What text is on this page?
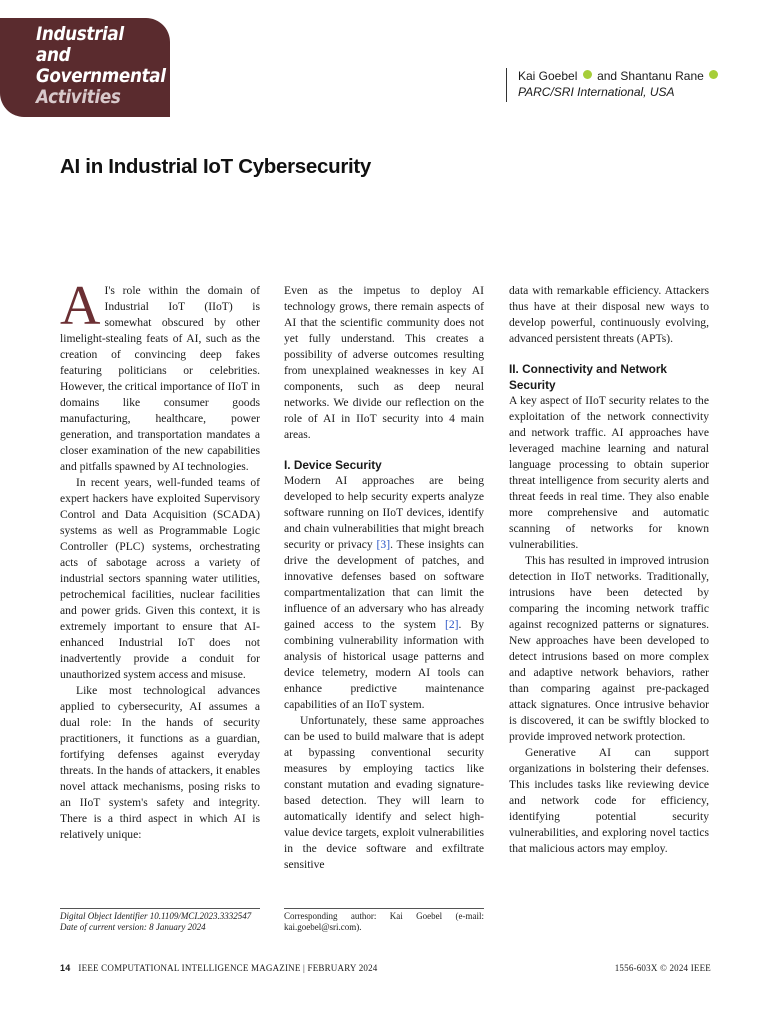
Industrial and
Governmental
Activities
Kai Goebel and Shantanu Rane
PARC/SRI International, USA
AI in Industrial IoT Cybersecurity

A I's role within the domain of Industrial IoT (IIoT) is somewhat obscured by other limelight-stealing feats of AI, such as the creation of convincing deep fakes featuring politicians or celebrities. However, the critical importance of IIoT in domains like consumer goods manufacturing, healthcare, power generation, and transportation mandates a closer examination of the new capabilities and pitfalls spawned by AI technologies.

In recent years, well-funded teams of expert hackers have exploited Supervisory Control and Data Acquisition (SCADA) systems as well as Programmable Logic Controller (PLC) systems, orchestrating acts of sabotage across a variety of industrial sectors spanning water utilities, petrochemical facilities, nuclear facilities and power grids. Given this context, it is extremely important to ensure that AI-enhanced Industrial IoT does not inadvertently provide a conduit for unauthorized system access and misuse.

Like most technological advances applied to cybersecurity, AI assumes a dual role: In the hands of security practitioners, it functions as a guardian, fortifying defenses against everyday threats. In the hands of attackers, it enables novel attack mechanisms, posing risks to an IIoT system's safety and integrity. There is a third aspect in which AI is relatively unique:

Even as the impetus to deploy AI technology grows, there remain aspects of AI that the scientific community does not yet fully understand. This creates a possibility of adverse outcomes resulting from unexplained weaknesses in key AI components, such as deep neural networks. We divide our reflection on the role of AI in IIoT security into 4 main areas.

I. Device Security

Modern AI approaches are being developed to help security experts analyze software running on IIoT devices, identify and chain vulnerabilities that might breach security or privacy [3]. These insights can drive the development of patches, and innovative defenses based on software compartmentalization that can limit the influence of an adversary who has already gained access to the system [2]. By combining vulnerability information with analysis of historical usage patterns and device telemetry, modern AI tools can enhance predictive maintenance capabilities of an IIoT system.

Unfortunately, these same approaches can be used to build malware that is adept at bypassing conventional security measures by employing tactics like constant mutation and evading signature-based detection. They will learn to automatically identify and select high-value device targets, exploit vulnerabilities in the device software and exfiltrate sensitive

data with remarkable efficiency. Attackers thus have at their disposal new ways to develop powerful, continuously evolving, advanced persistent threats (APTs).

II. Connectivity and Network Security

A key aspect of IIoT security relates to the exploitation of the network connectivity and network traffic. AI approaches have leveraged machine learning and natural language processing to obtain superior threat intelligence from security alerts and threat feeds in real time. They also enable more comprehensive and automatic scanning of networks for known vulnerabilities.

This has resulted in improved intrusion detection in IIoT networks. Traditionally, intrusions have been detected by comparing the incoming network traffic against recognized patterns or signatures. New approaches have been developed to detect intrusions based on more complex and adaptive network behaviors, rather than comparing against pre-packaged attack signatures. Once intrusive behavior is discovered, it can be swiftly blocked to provide improved network protection.

Generative AI can support organizations in bolstering their defenses. This includes tasks like reviewing device and network code for efficiency, identifying potential security vulnerabilities, and exploring novel tactics that malicious actors may employ.

Digital Object Identifier 10.1109/MCI.2023.3332547
Date of current version: 8 January 2024
Corresponding author: Kai Goebel (e-mail: kai.goebel@sri.com).
14 IEEE COMPUTATIONAL INTELLIGENCE MAGAZINE | FEBRUARY 2024	1556-603X © 2024 IEEE
